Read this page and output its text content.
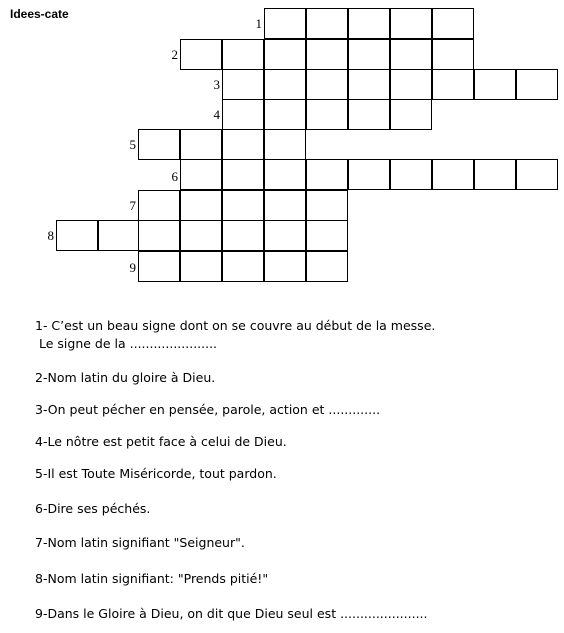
Idees-cate
1
2
3
4
5
6
7
8
9
1- C’est un beau signe dont on se couvre au début de la messe.
Le signe de la ......................
2-Nom latin du gloire à Dieu.
3-On peut pécher en pensée, parole, action et .............
4-Le nôtre est petit face à celui de Dieu.
5-Il est Toute Miséricorde, tout pardon.
6-Dire ses péchés.
7-Nom latin signifiant "Seigneur".
8-Nom latin signifiant: "Prends pitié!"
9-Dans le Gloire à Dieu, on dit que Dieu seul est ......................
